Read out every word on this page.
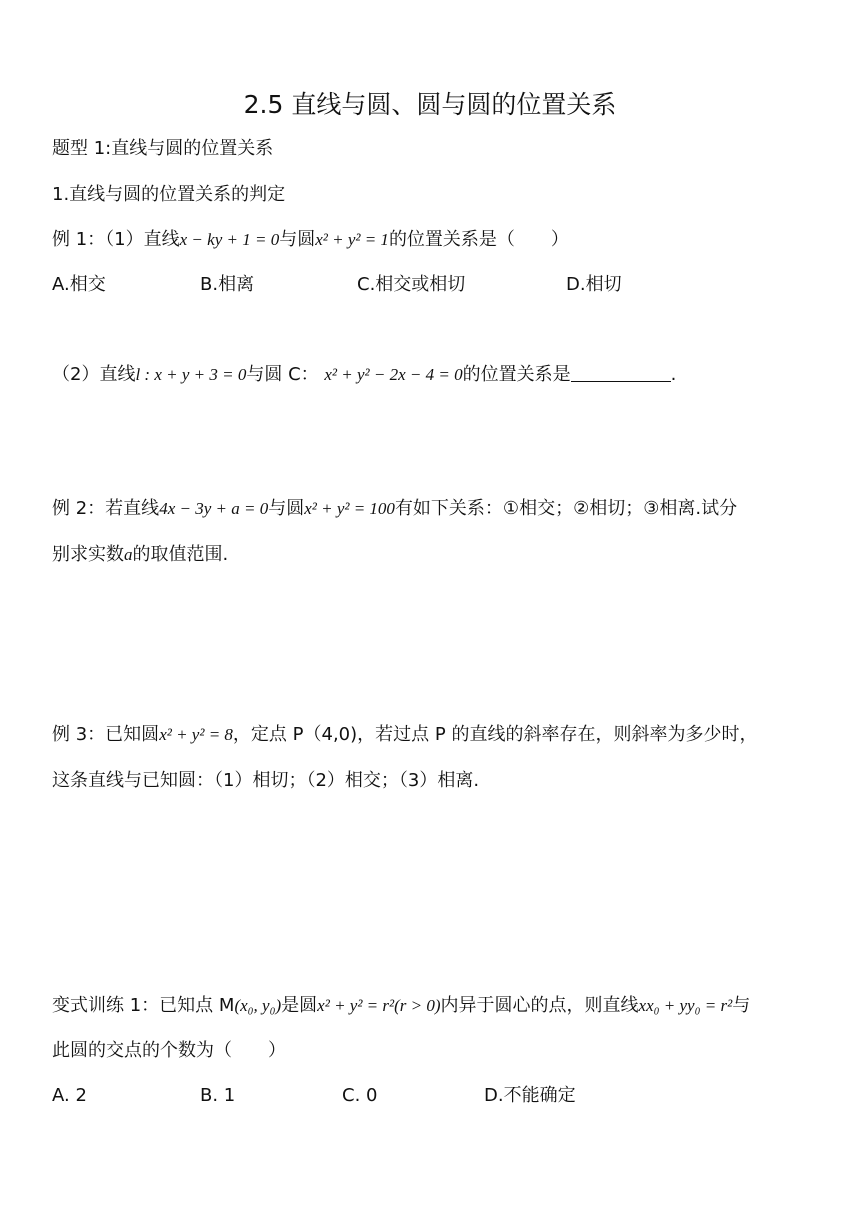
2.5 直线与圆、圆与圆的位置关系
题型 1:直线与圆的位置关系
1.直线与圆的位置关系的判定
例 1：（1）直线x − ky + 1 = 0与圆x² + y² = 1的位置关系是（　　）
A.相交	B.相离	C.相交或相切	D.相切
（2）直线l : x + y + 3 = 0与圆 C： x² + y² − 2x − 4 = 0的位置关系是	.
例 2：若直线4x − 3y + a = 0与圆x² + y² = 100有如下关系：①相交；②相切；③相离.试分
别求实数a的取值范围.
例 3：已知圆x² + y² = 8，定点 P（4,0)，若过点 P 的直线的斜率存在，则斜率为多少时，
这条直线与已知圆：（1）相切；（2）相交；（3）相离.
变式训练 1：已知点 M(x₀, y₀)是圆x² + y² = r²(r > 0)内异于圆心的点，则直线xx₀ + yy₀ = r²与
此圆的交点的个数为（　　）
A. 2	B. 1	C. 0	D.不能确定
